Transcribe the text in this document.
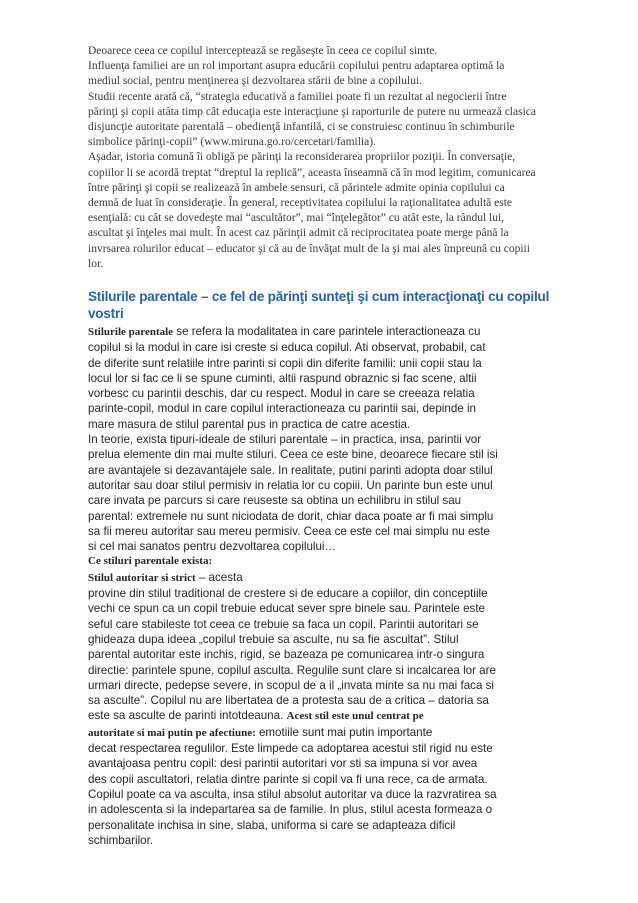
Deoarece ceea ce copilul interceptează se regăseşte în ceea ce copilul simte.
Influenţa familiei are un rol important asupra educării copilului pentru adaptarea optimă la
mediul social, pentru menţinerea şi dezvoltarea stării de bine a copilului.
Studii recente arată că, “strategia educativă a familiei poate fi un rezultat al negocierii între
părinţi şi copii atâta timp cât educaţia este interacţiune şi raporturile de putere nu urmează clasica
disjuncţie autoritate parentală – obedienţă infantilă, ci se construiesc continuu în schimburile
simbolice părinţi-copii” (www.miruna.go.ro/cercetari/familia).
Aşadar, istoria comună îi obligă pe părinţi la reconsiderarea propriilor poziţii. În conversaţie,
copiilor li se acordă treptat “dreptul la replică”, aceasta înseamnă că în mod legitim, comunicarea
între părinţi şi copii se realizează în ambele sensuri, că părintele admite opinia copilului ca
demnă de luat în consideraţie. În general, receptivitatea copilului la raţionalitatea adultă este
esenţială: cu cât se dovedeşte mai “ascultător”, mai “înţelegător” cu atât este, la rândul lui,
ascultat şi înţeles mai mult. În acest caz părinţii admit că reciprocitatea poate merge până la
invrsarea rolurilor educat – educator şi că au de învăţat mult de la şi mai ales împreună cu copiii
lor.
Stilurile parentale – ce fel de părinţi sunteţi şi cum interacţionaţi cu copilul
vostri
Stilurile parentale se refera la modalitatea in care parintele interactioneaza cu
copilul si la modul in care isi creste si educa copilul. Ati observat, probabil, cat
de diferite sunt relatiile intre parinti si copii din diferite familii: unii copii stau la
locul lor si fac ce li se spune cuminti, altii raspund obraznic si fac scene, altii
vorbesc cu parintii deschis, dar cu respect. Modul in care se creeaza relatia
parinte-copil, modul in care copilul interactioneaza cu parintii sai, depinde in
mare masura de stilul parental pus in practica de catre acestia.
In teorie, exista tipuri-ideale de stiluri parentale – in practica, insa, parintii vor
prelua elemente din mai multe stiluri. Ceea ce este bine, deoarece fiecare stil isi
are avantajele si dezavantajele sale. In realitate, putini parinti adopta doar stilul
autoritar sau doar stilul permisiv in relatia lor cu copiii. Un parinte bun este unul
care invata pe parcurs si care reuseste sa obtina un echilibru in stilul sau
parental: extremele nu sunt niciodata de dorit, chiar daca poate ar fi mai simplu
sa fii mereu autoritar sau mereu permisiv. Ceea ce este cel mai simplu nu este
si cel mai sanatos pentru dezvoltarea copilului…
Ce stiluri parentale exista:
Stilul autoritar si strict – acesta
provine din stilul traditional de crestere si de educare a copiilor, din conceptiile
vechi ce spun ca un copil trebuie educat sever spre binele sau. Parintele este
seful care stabileste tot ceea ce trebuie sa faca un copil. Parintii autoritari se
ghideaza dupa ideea „copilul trebuie sa asculte, nu sa fie ascultat”. Stilul
parental autoritar este inchis, rigid, se bazeaza pe comunicarea intr-o singura
directie: parintele spune, copilul asculta. Regulile sunt clare si incalcarea lor are
urmari directe, pedepse severe, in scopul de a il „invata minte sa nu mai faca si
sa asculte”. Copilul nu are libertatea de a protesta sau de a critica – datoria sa
este sa asculte de parinti intotdeauna. Acest stil este unul centrat pe
autoritate si mai putin pe afectiune: emotiile sunt mai putin importante
decat respectarea regulilor. Este limpede ca adoptarea acestui stil rigid nu este
avantajoasa pentru copil: desi parintii autoritari vor sti sa impuna si vor avea
des copii ascultatori, relatia dintre parinte si copil va fi una rece, ca de armata.
Copilul poate ca va asculta, insa stilul absolut autoritar va duce la razvratirea sa
in adolescenta si la indepartarea sa de familie. In plus, stilul acesta formeaza o
personalitate inchisa in sine, slaba, uniforma si care se adapteaza dificil
schimbarilor.
